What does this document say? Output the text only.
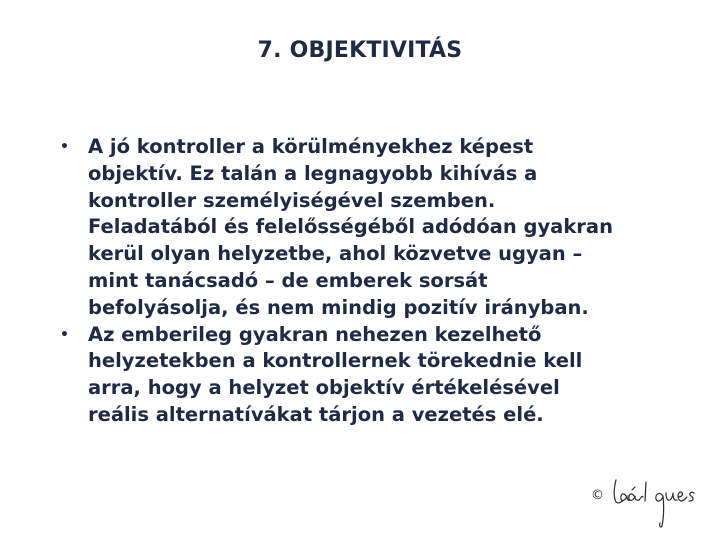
7. OBJEKTIVITÁS
• A jó kontroller a körülményekhez képest
objektív. Ez talán a legnagyobb kihívás a
kontroller személyiségével szemben.
Feladatából és felelősségéből adódóan gyakran
kerül olyan helyzetbe, ahol közvetve ugyan –
mint tanácsadó – de emberek sorsát
befolyásolja, és nem mindig pozitív irányban.
• Az emberileg gyakran nehezen kezelhető
helyzetekben a kontrollernek törekednie kell
arra, hogy a helyzet objektív értékelésével
reális alternatívákat tárjon a vezetés elé.
©
